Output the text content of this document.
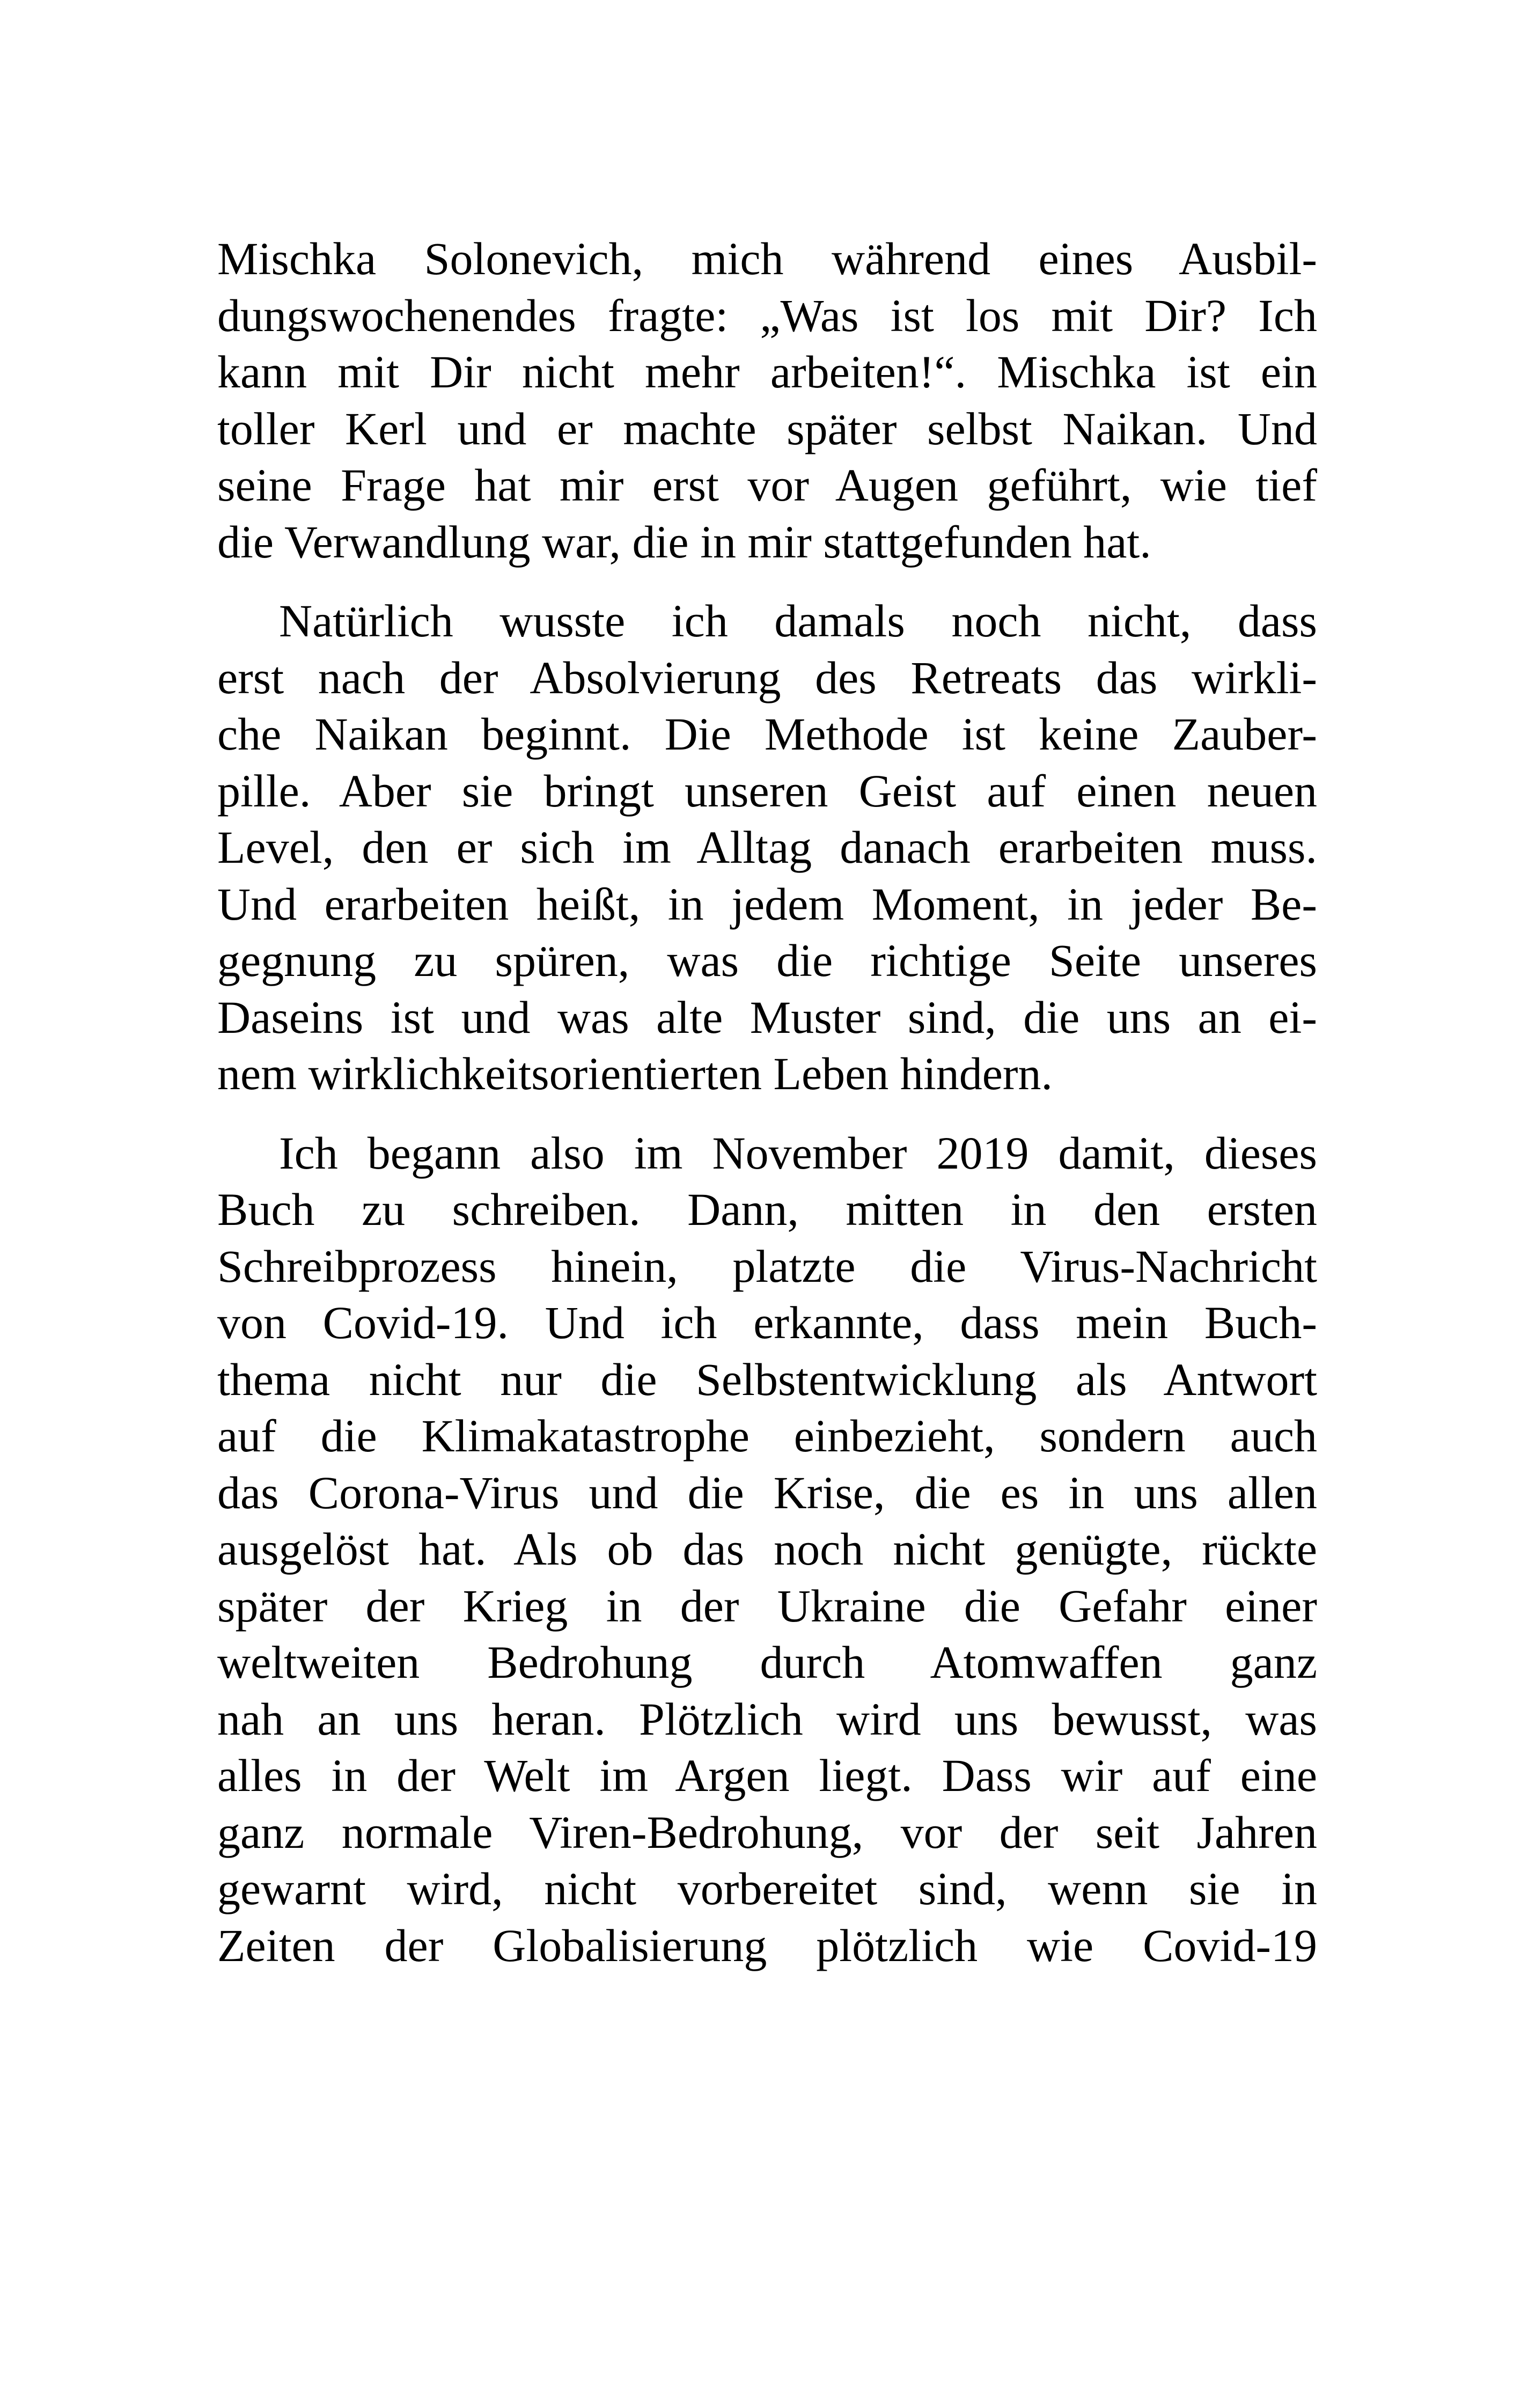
Mischka Solonevich, mich während eines Ausbil-
dungswochenendes fragte: „Was ist los mit Dir? Ich
kann mit Dir nicht mehr arbeiten!“. Mischka ist ein
toller Kerl und er machte später selbst Naikan. Und
seine Frage hat mir erst vor Augen geführt, wie tief
die Verwandlung war, die in mir stattgefunden hat.
Natürlich wusste ich damals noch nicht, dass
erst nach der Absolvierung des Retreats das wirkli-
che Naikan beginnt. Die Methode ist keine Zauber-
pille. Aber sie bringt unseren Geist auf einen neuen
Level, den er sich im Alltag danach erarbeiten muss.
Und erarbeiten heißt, in jedem Moment, in jeder Be-
gegnung zu spüren, was die richtige Seite unseres
Daseins ist und was alte Muster sind, die uns an ei-
nem wirklichkeitsorientierten Leben hindern.
Ich begann also im November 2019 damit, dieses
Buch zu schreiben. Dann, mitten in den ersten
Schreibprozess hinein, platzte die Virus-Nachricht
von Covid-19. Und ich erkannte, dass mein Buch-
thema nicht nur die Selbstentwicklung als Antwort
auf die Klimakatastrophe einbezieht, sondern auch
das Corona-Virus und die Krise, die es in uns allen
ausgelöst hat. Als ob das noch nicht genügte, rückte
später der Krieg in der Ukraine die Gefahr einer
weltweiten Bedrohung durch Atomwaffen ganz
nah an uns heran. Plötzlich wird uns bewusst, was
alles in der Welt im Argen liegt. Dass wir auf eine
ganz normale Viren-Bedrohung, vor der seit Jahren
gewarnt wird, nicht vorbereitet sind, wenn sie in
Zeiten der Globalisierung plötzlich wie Covid-19
